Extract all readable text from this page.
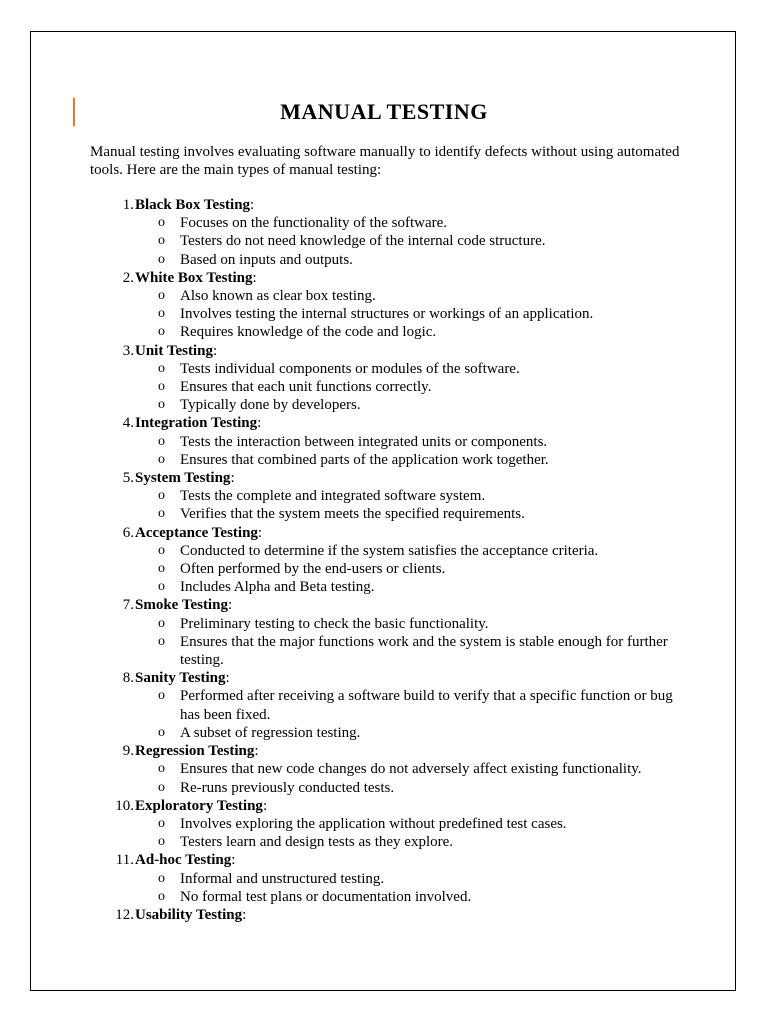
MANUAL TESTING

Manual testing involves evaluating software manually to identify defects without using automated tools. Here are the main types of manual testing:

1. Black Box Testing:
o	Focuses on the functionality of the software.
o	Testers do not need knowledge of the internal code structure.
o	Based on inputs and outputs.
2. White Box Testing:
o	Also known as clear box testing.
o	Involves testing the internal structures or workings of an application.
o	Requires knowledge of the code and logic.
3. Unit Testing:
o	Tests individual components or modules of the software.
o	Ensures that each unit functions correctly.
o	Typically done by developers.
4. Integration Testing:
o	Tests the interaction between integrated units or components.
o	Ensures that combined parts of the application work together.
5. System Testing:
o	Tests the complete and integrated software system.
o	Verifies that the system meets the specified requirements.
6. Acceptance Testing:
o	Conducted to determine if the system satisfies the acceptance criteria.
o	Often performed by the end-users or clients.
o	Includes Alpha and Beta testing.
7. Smoke Testing:
o	Preliminary testing to check the basic functionality.
o	Ensures that the major functions work and the system is stable enough for further testing.
8. Sanity Testing:
o	Performed after receiving a software build to verify that a specific function or bug has been fixed.
o	A subset of regression testing.
9. Regression Testing:
o	Ensures that new code changes do not adversely affect existing functionality.
o	Re-runs previously conducted tests.
10. Exploratory Testing:
o	Involves exploring the application without predefined test cases.
o	Testers learn and design tests as they explore.
11. Ad-hoc Testing:
o	Informal and unstructured testing.
o	No formal test plans or documentation involved.
12. Usability Testing:
